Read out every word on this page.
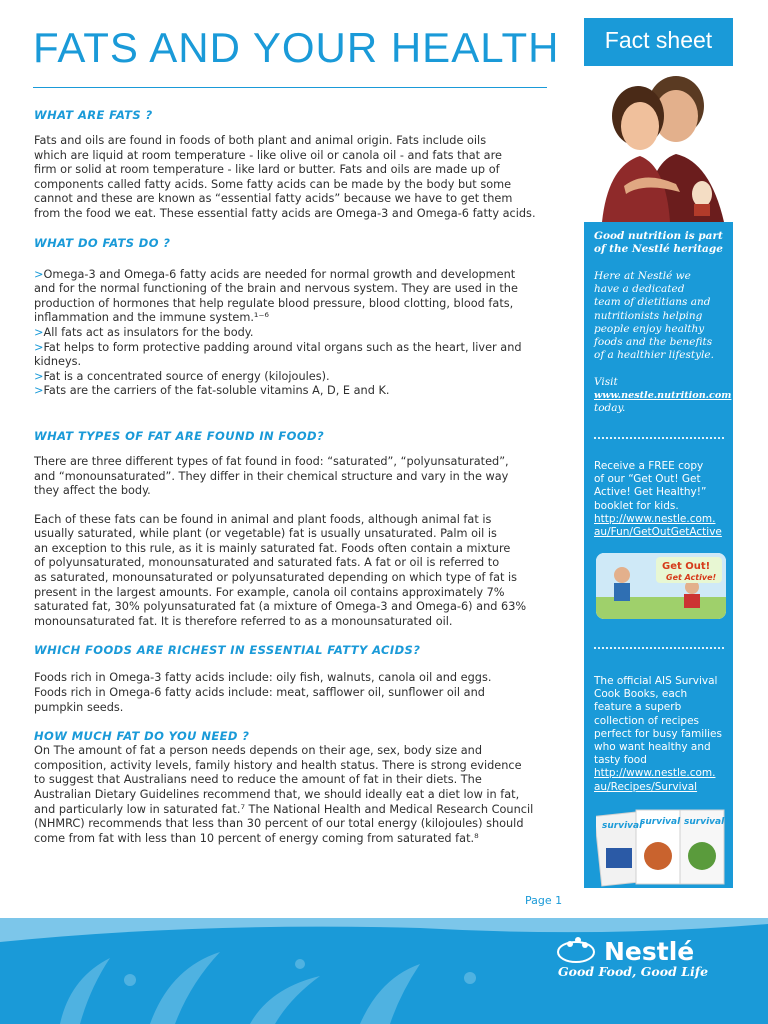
FATS AND YOUR HEALTH
WHAT ARE FATS ?
Fats and oils are found in foods of both plant and animal origin. Fats include oils
which are liquid at room temperature - like olive oil or canola oil - and fats that are
firm or solid at room temperature - like lard or butter. Fats and oils are made up of
components called fatty acids. Some fatty acids can be made by the body but some
cannot and these are known as “essential fatty acids” because we have to get them
from the food we eat. These essential fatty acids are Omega-3 and Omega-6 fatty acids.
WHAT DO FATS DO ?
>Omega-3 and Omega-6 fatty acids are needed for normal growth and development
and for the normal functioning of the brain and nervous system. They are used in the
production of hormones that help regulate blood pressure, blood clotting, blood fats,
inflammation and the immune system.¹⁻⁶
>All fats act as insulators for the body.
>Fat helps to form protective padding around vital organs such as the heart, liver and
kidneys.
>Fat is a concentrated source of energy (kilojoules).
>Fats are the carriers of the fat-soluble vitamins A, D, E and K.
WHAT TYPES OF FAT ARE FOUND IN FOOD?
There are three different types of fat found in food: “saturated”, “polyunsaturated”,
and “monounsaturated”. They differ in their chemical structure and vary in the way
they affect the body.
Each of these fats can be found in animal and plant foods, although animal fat is
usually saturated, while plant (or vegetable) fat is usually unsaturated. Palm oil is
an exception to this rule, as it is mainly saturated fat. Foods often contain a mixture
of polyunsaturated, monounsaturated and saturated fats. A fat or oil is referred to
as saturated, monounsaturated or polyunsaturated depending on which type of fat is
present in the largest amounts. For example, canola oil contains approximately 7%
saturated fat, 30% polyunsaturated fat (a mixture of Omega-3 and Omega-6) and 63%
monounsaturated fat. It is therefore referred to as a monounsaturated oil.
WHICH FOODS ARE RICHEST IN ESSENTIAL FATTY ACIDS?
Foods rich in Omega-3 fatty acids include: oily fish, walnuts, canola oil and eggs.
Foods rich in Omega-6 fatty acids include: meat, safflower oil, sunflower oil and
pumpkin seeds.
HOW MUCH FAT DO YOU NEED ?
On The amount of fat a person needs depends on their age, sex, body size and
composition, activity levels, family history and health status. There is strong evidence
to suggest that Australians need to reduce the amount of fat in their diets. The
Australian Dietary Guidelines recommend that, we should ideally eat a diet low in fat,
and particularly low in saturated fat.⁷ The National Health and Medical Research Council
(NHMRC) recommends that less than 30 percent of our total energy (kilojoules) should
come from fat with less than 10 percent of energy coming from saturated fat.⁸
Fact sheet
Good nutrition is part
of the Nestlé heritage
Here at Nestlé we
have a dedicated
team of dietitians and
nutritionists helping
people enjoy healthy
foods and the benefits
of a healthier lifestyle.
Visit
www.nestle.nutrition.com
today.
Receive a FREE copy
of our “Get Out! Get
Active! Get Healthy!”
booklet for kids.
http://www.nestle.com.
au/Fun/GetOutGetActive
Get Out!
Get Active!
The official AIS Survival
Cook Books, each
feature a superb
collection of recipes
perfect for busy families
who want healthy and
tasty food
http://www.nestle.com.
au/Recipes/Survival
survival
survival survival
Page 1
Nestlé
Good Food, Good Life
